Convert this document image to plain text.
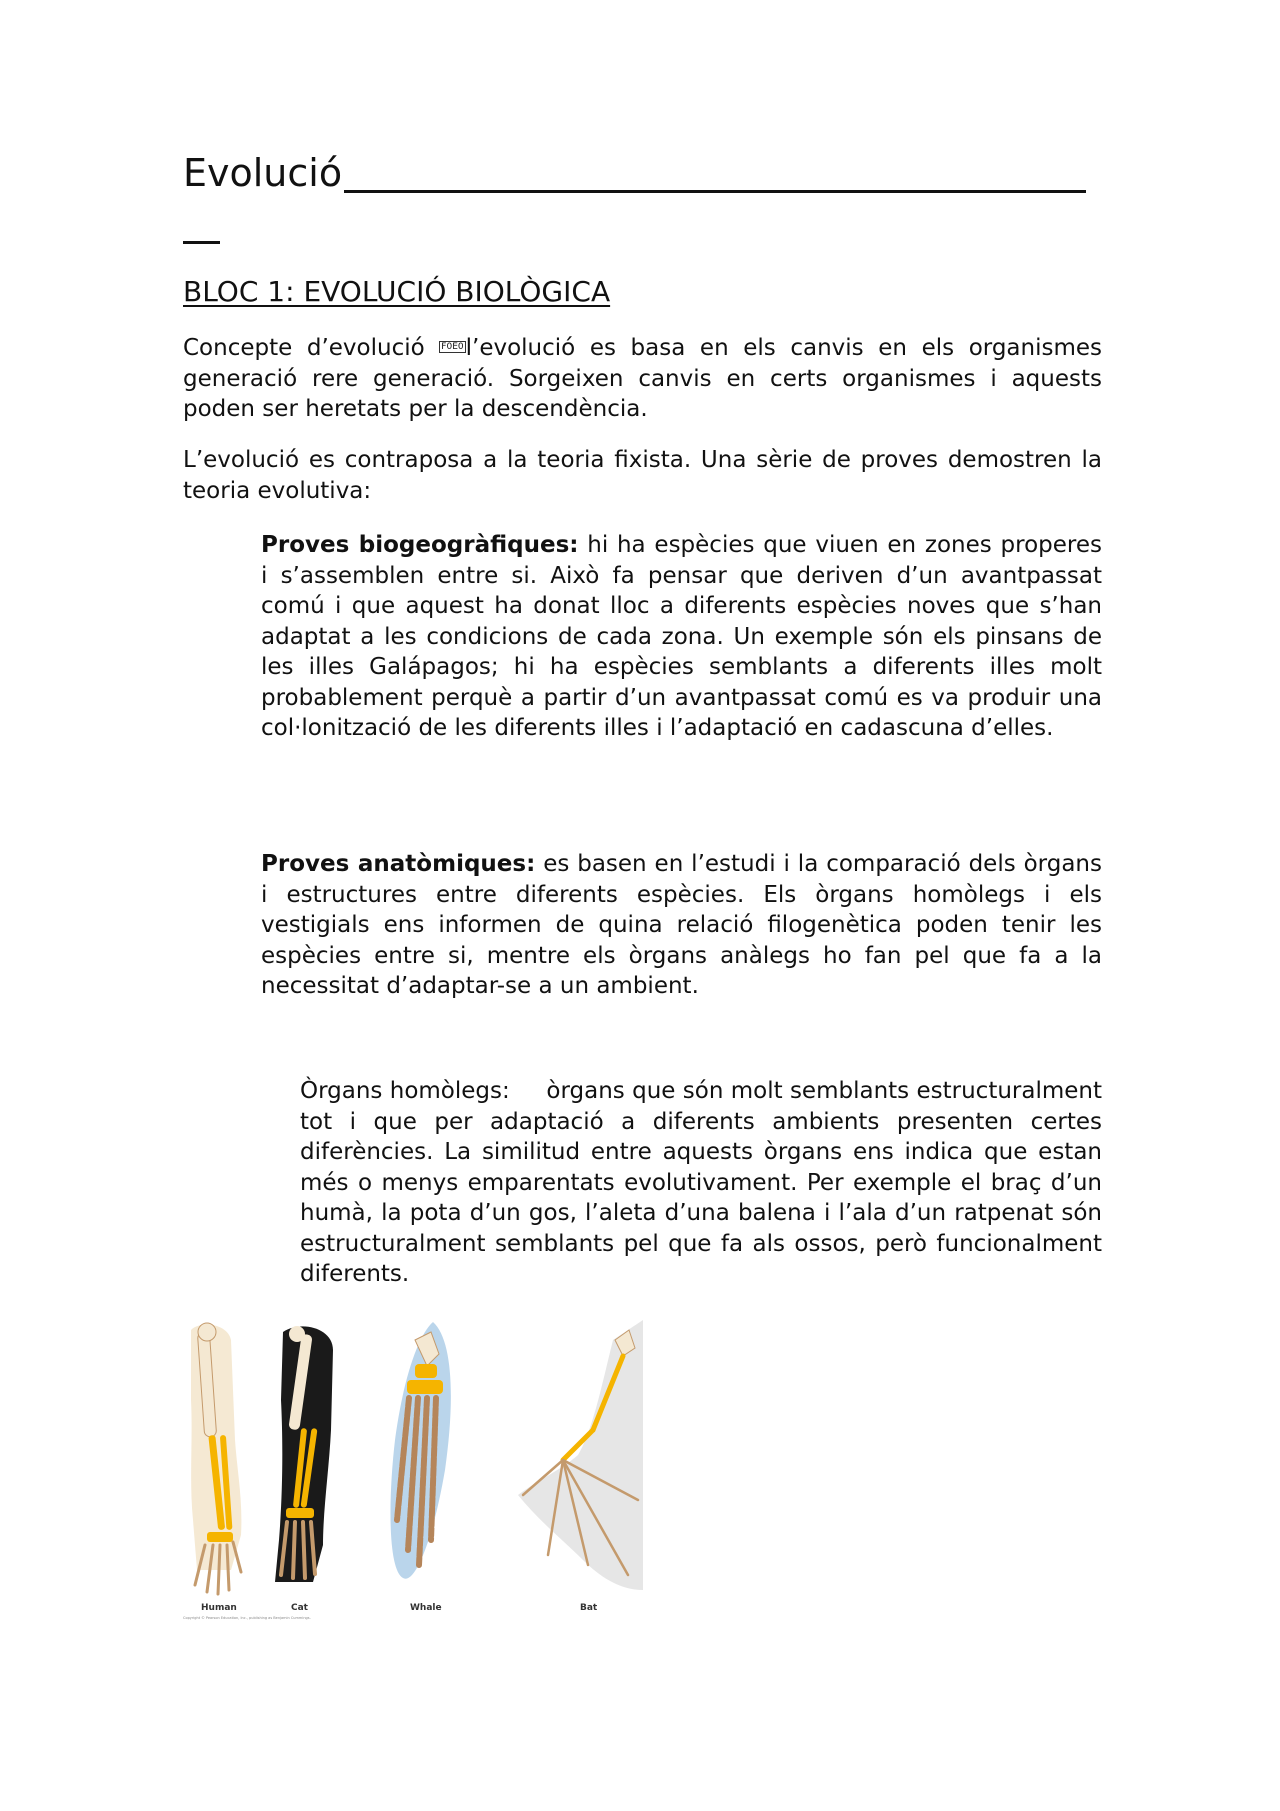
Evolució
BLOC 1: EVOLUCIÓ BIOLÒGICA

Concepte d’evolució F0E0l’evolució es basa en els canvis en els organismes generació rere generació. Sorgeixen canvis en certs organismes i aquests poden ser heretats per la descendència.

L’evolució es contraposa a la teoria fixista. Una sèrie de proves demostren la teoria evolutiva:

Proves biogeogràfiques: hi ha espècies que viuen en zones properes i s’assemblen entre si. Això fa pensar que deriven d’un avantpassat comú i que aquest ha donat lloc a diferents espècies noves que s’han adaptat a les condicions de cada zona. Un exemple són els pinsans de les illes Galápagos; hi ha espècies semblants a diferents illes molt probablement perquè a partir d’un avantpassat comú es va produir una col·lonització de les diferents illes i l’adaptació en cadascuna d’elles.

Proves anatòmiques: es basen en l’estudi i la comparació dels òrgans i estructures entre diferents espècies. Els òrgans homòlegs i els vestigials ens informen de quina relació filogenètica poden tenir les espècies entre si, mentre els òrgans anàlegs ho fan pel que fa a la necessitat d’adaptar-se a un ambient.

Òrgans homòlegs:     òrgans que són molt semblants estructuralment tot i que per adaptació a diferents ambients presenten certes diferències. La similitud entre aquests òrgans ens indica que estan més o menys emparentats evolutivament. Per exemple el braç d’un humà, la pota d’un gos, l’aleta d’una balena i l’ala d’un ratpenat són estructuralment semblants pel que fa als ossos, però funcionalment diferents.

Human	Cat	Whale	Bat
Copyright © Pearson Education, Inc., publishing as Benjamin Cummings.
